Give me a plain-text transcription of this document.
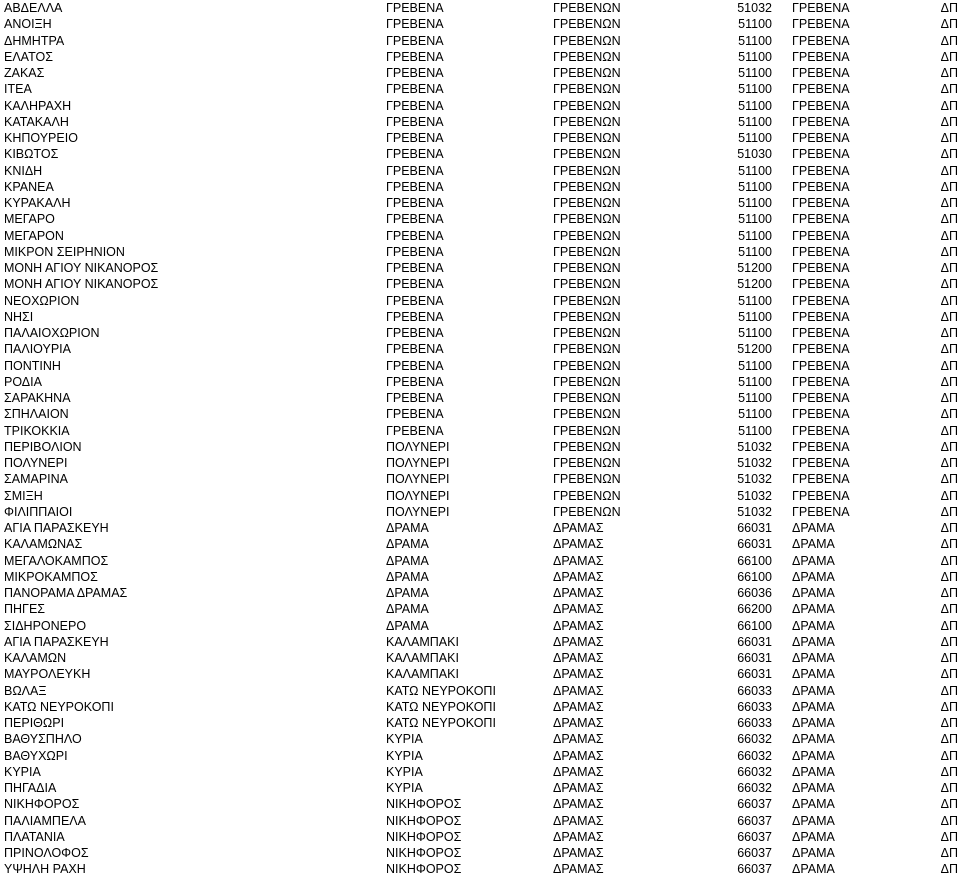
ΑΒΔΕΛΛΑ	ΓΡΕΒΕΝΑ	ΓΡΕΒΕΝΩΝ	51032 ΓΡΕΒΕΝΑ	ΔΠ
ΑΝΟΙΞΗ	ΓΡΕΒΕΝΑ	ΓΡΕΒΕΝΩΝ	51100 ΓΡΕΒΕΝΑ	ΔΠ
ΔΗΜΗΤΡΑ	ΓΡΕΒΕΝΑ	ΓΡΕΒΕΝΩΝ	51100 ΓΡΕΒΕΝΑ	ΔΠ
ΕΛΑΤΟΣ	ΓΡΕΒΕΝΑ	ΓΡΕΒΕΝΩΝ	51100 ΓΡΕΒΕΝΑ	ΔΠ
ΖΑΚΑΣ	ΓΡΕΒΕΝΑ	ΓΡΕΒΕΝΩΝ	51100 ΓΡΕΒΕΝΑ	ΔΠ
ΙΤΕΑ	ΓΡΕΒΕΝΑ	ΓΡΕΒΕΝΩΝ	51100 ΓΡΕΒΕΝΑ	ΔΠ
ΚΑΛΗΡΑΧΗ	ΓΡΕΒΕΝΑ	ΓΡΕΒΕΝΩΝ	51100 ΓΡΕΒΕΝΑ	ΔΠ
ΚΑΤΑΚΑΛΗ	ΓΡΕΒΕΝΑ	ΓΡΕΒΕΝΩΝ	51100 ΓΡΕΒΕΝΑ	ΔΠ
ΚΗΠΟΥΡΕΙΟ	ΓΡΕΒΕΝΑ	ΓΡΕΒΕΝΩΝ	51100 ΓΡΕΒΕΝΑ	ΔΠ
ΚΙΒΩΤΟΣ	ΓΡΕΒΕΝΑ	ΓΡΕΒΕΝΩΝ	51030 ΓΡΕΒΕΝΑ	ΔΠ
ΚΝΙΔΗ	ΓΡΕΒΕΝΑ	ΓΡΕΒΕΝΩΝ	51100 ΓΡΕΒΕΝΑ	ΔΠ
ΚΡΑΝΕΑ	ΓΡΕΒΕΝΑ	ΓΡΕΒΕΝΩΝ	51100 ΓΡΕΒΕΝΑ	ΔΠ
ΚΥΡΑΚΑΛΗ	ΓΡΕΒΕΝΑ	ΓΡΕΒΕΝΩΝ	51100 ΓΡΕΒΕΝΑ	ΔΠ
ΜΕΓΑΡΟ	ΓΡΕΒΕΝΑ	ΓΡΕΒΕΝΩΝ	51100 ΓΡΕΒΕΝΑ	ΔΠ
ΜΕΓΑΡΟΝ	ΓΡΕΒΕΝΑ	ΓΡΕΒΕΝΩΝ	51100 ΓΡΕΒΕΝΑ	ΔΠ
ΜΙΚΡΟΝ ΣΕΙΡΗΝΙΟΝ	ΓΡΕΒΕΝΑ	ΓΡΕΒΕΝΩΝ	51100 ΓΡΕΒΕΝΑ	ΔΠ
ΜΟΝΗ ΑΓΙΟΥ ΝΙΚΑΝΟΡΟΣ	ΓΡΕΒΕΝΑ	ΓΡΕΒΕΝΩΝ	51200 ΓΡΕΒΕΝΑ	ΔΠ
ΜΟΝΗ ΑΓΙΟΥ ΝΙΚΑΝΟΡΟΣ	ΓΡΕΒΕΝΑ	ΓΡΕΒΕΝΩΝ	51200 ΓΡΕΒΕΝΑ	ΔΠ
ΝΕΟΧΩΡΙΟΝ	ΓΡΕΒΕΝΑ	ΓΡΕΒΕΝΩΝ	51100 ΓΡΕΒΕΝΑ	ΔΠ
ΝΗΣΙ	ΓΡΕΒΕΝΑ	ΓΡΕΒΕΝΩΝ	51100 ΓΡΕΒΕΝΑ	ΔΠ
ΠΑΛΑΙΟΧΩΡΙΟΝ	ΓΡΕΒΕΝΑ	ΓΡΕΒΕΝΩΝ	51100 ΓΡΕΒΕΝΑ	ΔΠ
ΠΑΛΙΟΥΡΙΑ	ΓΡΕΒΕΝΑ	ΓΡΕΒΕΝΩΝ	51200 ΓΡΕΒΕΝΑ	ΔΠ
ΠΟΝΤΙΝΗ	ΓΡΕΒΕΝΑ	ΓΡΕΒΕΝΩΝ	51100 ΓΡΕΒΕΝΑ	ΔΠ
ΡΟΔΙΑ	ΓΡΕΒΕΝΑ	ΓΡΕΒΕΝΩΝ	51100 ΓΡΕΒΕΝΑ	ΔΠ
ΣΑΡΑΚΗΝΑ	ΓΡΕΒΕΝΑ	ΓΡΕΒΕΝΩΝ	51100 ΓΡΕΒΕΝΑ	ΔΠ
ΣΠΗΛΑΙΟΝ	ΓΡΕΒΕΝΑ	ΓΡΕΒΕΝΩΝ	51100 ΓΡΕΒΕΝΑ	ΔΠ
ΤΡΙΚΟΚΚΙΑ	ΓΡΕΒΕΝΑ	ΓΡΕΒΕΝΩΝ	51100 ΓΡΕΒΕΝΑ	ΔΠ
ΠΕΡΙΒΟΛΙΟΝ	ΠΟΛΥΝΕΡΙ	ΓΡΕΒΕΝΩΝ	51032 ΓΡΕΒΕΝΑ	ΔΠ
ΠΟΛΥΝΕΡΙ	ΠΟΛΥΝΕΡΙ	ΓΡΕΒΕΝΩΝ	51032 ΓΡΕΒΕΝΑ	ΔΠ
ΣΑΜΑΡΙΝΑ	ΠΟΛΥΝΕΡΙ	ΓΡΕΒΕΝΩΝ	51032 ΓΡΕΒΕΝΑ	ΔΠ
ΣΜΙΞΗ	ΠΟΛΥΝΕΡΙ	ΓΡΕΒΕΝΩΝ	51032 ΓΡΕΒΕΝΑ	ΔΠ
ΦΙΛΙΠΠΑΙΟΙ	ΠΟΛΥΝΕΡΙ	ΓΡΕΒΕΝΩΝ	51032 ΓΡΕΒΕΝΑ	ΔΠ
ΑΓΙΑ ΠΑΡΑΣΚΕΥΗ	ΔΡΑΜΑ	ΔΡΑΜΑΣ	66031 ΔΡΑΜΑ	ΔΠ
ΚΑΛΑΜΩΝΑΣ	ΔΡΑΜΑ	ΔΡΑΜΑΣ	66031 ΔΡΑΜΑ	ΔΠ
ΜΕΓΑΛΟΚΑΜΠΟΣ	ΔΡΑΜΑ	ΔΡΑΜΑΣ	66100 ΔΡΑΜΑ	ΔΠ
ΜΙΚΡΟΚΑΜΠΟΣ	ΔΡΑΜΑ	ΔΡΑΜΑΣ	66100 ΔΡΑΜΑ	ΔΠ
ΠΑΝΟΡΑΜΑ ΔΡΑΜΑΣ	ΔΡΑΜΑ	ΔΡΑΜΑΣ	66036 ΔΡΑΜΑ	ΔΠ
ΠΗΓΕΣ	ΔΡΑΜΑ	ΔΡΑΜΑΣ	66200 ΔΡΑΜΑ	ΔΠ
ΣΙΔΗΡΟΝΕΡΟ	ΔΡΑΜΑ	ΔΡΑΜΑΣ	66100 ΔΡΑΜΑ	ΔΠ
ΑΓΙΑ ΠΑΡΑΣΚΕΥΗ	ΚΑΛΑΜΠΑΚΙ	ΔΡΑΜΑΣ	66031 ΔΡΑΜΑ	ΔΠ
ΚΑΛΑΜΩΝ	ΚΑΛΑΜΠΑΚΙ	ΔΡΑΜΑΣ	66031 ΔΡΑΜΑ	ΔΠ
ΜΑΥΡΟΛΕΥΚΗ	ΚΑΛΑΜΠΑΚΙ	ΔΡΑΜΑΣ	66031 ΔΡΑΜΑ	ΔΠ
ΒΩΛΑΞ	ΚΑΤΩ ΝΕΥΡΟΚΟΠΙ	ΔΡΑΜΑΣ	66033 ΔΡΑΜΑ	ΔΠ
ΚΑΤΩ ΝΕΥΡΟΚΟΠΙ	ΚΑΤΩ ΝΕΥΡΟΚΟΠΙ	ΔΡΑΜΑΣ	66033 ΔΡΑΜΑ	ΔΠ
ΠΕΡΙΘΩΡΙ	ΚΑΤΩ ΝΕΥΡΟΚΟΠΙ	ΔΡΑΜΑΣ	66033 ΔΡΑΜΑ	ΔΠ
ΒΑΘΥΣΠΗΛΟ	ΚΥΡΙΑ	ΔΡΑΜΑΣ	66032 ΔΡΑΜΑ	ΔΠ
ΒΑΘΥΧΩΡΙ	ΚΥΡΙΑ	ΔΡΑΜΑΣ	66032 ΔΡΑΜΑ	ΔΠ
ΚΥΡΙΑ	ΚΥΡΙΑ	ΔΡΑΜΑΣ	66032 ΔΡΑΜΑ	ΔΠ
ΠΗΓΑΔΙΑ	ΚΥΡΙΑ	ΔΡΑΜΑΣ	66032 ΔΡΑΜΑ	ΔΠ
ΝΙΚΗΦΟΡΟΣ	ΝΙΚΗΦΟΡΟΣ	ΔΡΑΜΑΣ	66037 ΔΡΑΜΑ	ΔΠ
ΠΑΛΙΑΜΠΕΛΑ	ΝΙΚΗΦΟΡΟΣ	ΔΡΑΜΑΣ	66037 ΔΡΑΜΑ	ΔΠ
ΠΛΑΤΑΝΙΑ	ΝΙΚΗΦΟΡΟΣ	ΔΡΑΜΑΣ	66037 ΔΡΑΜΑ	ΔΠ
ΠΡΙΝΟΛΟΦΟΣ	ΝΙΚΗΦΟΡΟΣ	ΔΡΑΜΑΣ	66037 ΔΡΑΜΑ	ΔΠ
ΥΨΗΛΗ ΡΑΧΗ	ΝΙΚΗΦΟΡΟΣ	ΔΡΑΜΑΣ	66037 ΔΡΑΜΑ	ΔΠ
